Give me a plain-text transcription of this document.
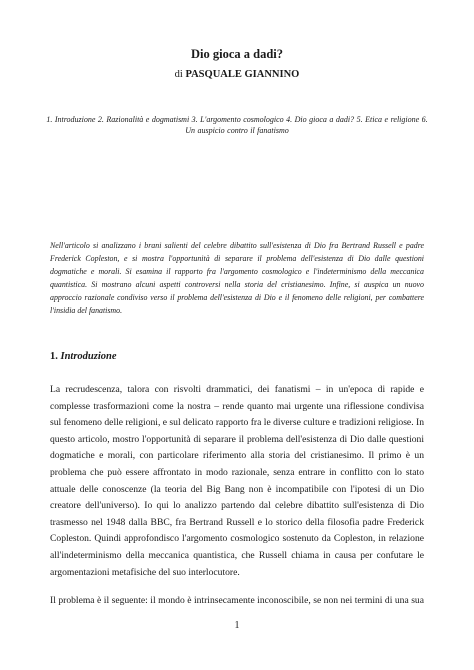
Dio gioca a dadi?
di PASQUALE GIANNINO
1. Introduzione 2. Razionalità e dogmatismi 3. L'argomento cosmologico 4. Dio gioca a dadi? 5. Etica e religione 6. Un auspicio contro il fanatismo
Nell'articolo si analizzano i brani salienti del celebre dibattito sull'esistenza di Dio fra Bertrand Russell e padre Frederick Copleston, e si mostra l'opportunità di separare il problema dell'esistenza di Dio dalle questioni dogmatiche e morali. Si esamina il rapporto fra l'argomento cosmologico e l'indeterminismo della meccanica quantistica. Si mostrano alcuni aspetti controversi nella storia del cristianesimo. Infine, si auspica un nuovo approccio razionale condiviso verso il problema dell'esistenza di Dio e il fenomeno delle religioni, per combattere l'insidia del fanatismo.
1. Introduzione

La recrudescenza, talora con risvolti drammatici, dei fanatismi – in un'epoca di rapide e complesse trasformazioni come la nostra – rende quanto mai urgente una riflessione condivisa sul fenomeno delle religioni, e sul delicato rapporto fra le diverse culture e tradizioni religiose. In questo articolo, mostro l'opportunità di separare il problema dell'esistenza di Dio dalle questioni dogmatiche e morali, con particolare riferimento alla storia del cristianesimo. Il primo è un problema che può essere affrontato in modo razionale, senza entrare in conflitto con lo stato attuale delle conoscenze (la teoria del Big Bang non è incompatibile con l'ipotesi di un Dio creatore dell'universo). Io qui lo analizzo partendo dal celebre dibattito sull'esistenza di Dio trasmesso nel 1948 dalla BBC, fra Bertrand Russell e lo storico della filosofia padre Frederick Copleston. Quindi approfondisco l'argomento cosmologico sostenuto da Copleston, in relazione all'indeterminismo della meccanica quantistica, che Russell chiama in causa per confutare le argomentazioni metafisiche del suo interlocutore.

Il problema è il seguente: il mondo è intrinsecamente inconoscibile, se non nei termini di una sua

1
